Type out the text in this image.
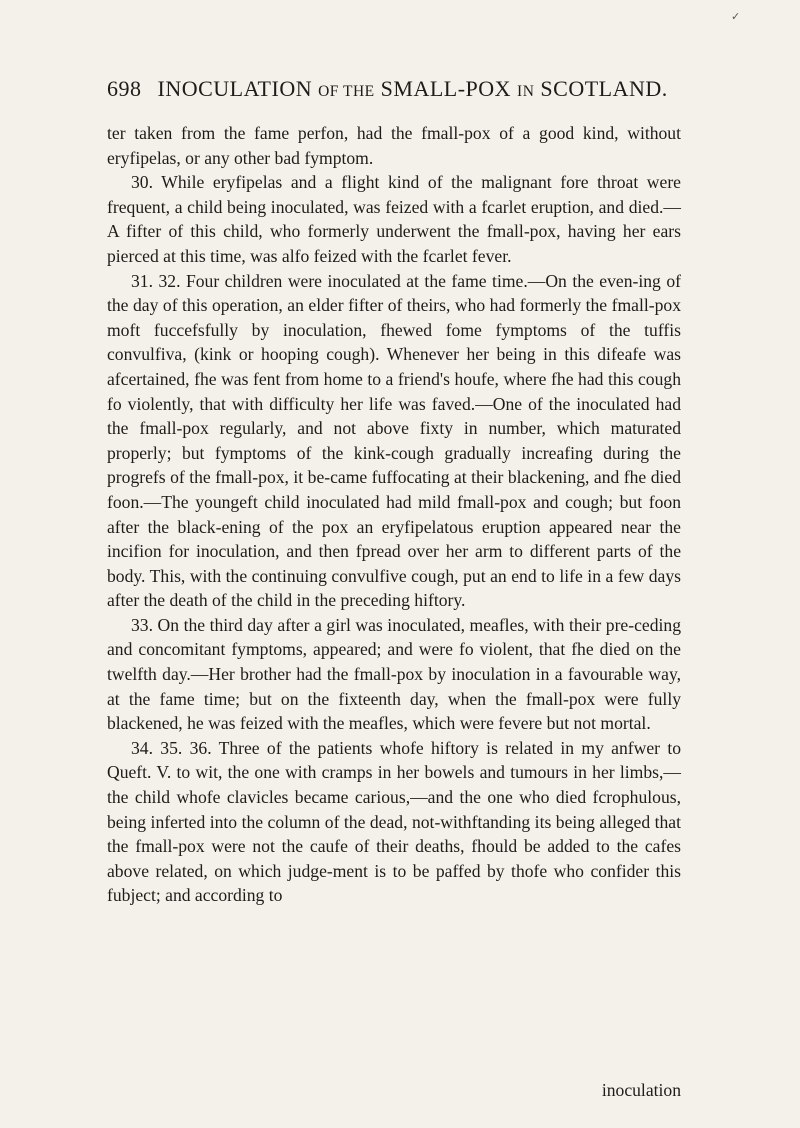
✓
698 INOCULATION OF THE SMALL-POX IN SCOTLAND.

ter taken from the fame perfon, had the fmall-pox of a good kind, without eryfipelas, or any other bad fymptom.

30. While eryfipelas and a flight kind of the malignant fore throat were frequent, a child being inoculated, was feized with a fcarlet eruption, and died.—A fifter of this child, who formerly underwent the fmall-pox, having her ears pierced at this time, was alfo feized with the fcarlet fever.

31. 32. Four children were inoculated at the fame time.—On the even-ing of the day of this operation, an elder fifter of theirs, who had formerly the fmall-pox moft fuccefsfully by inoculation, fhewed fome fymptoms of the tuffis convulfiva, (kink or hooping cough). Whenever her being in this difeafe was afcertained, fhe was fent from home to a friend's houfe, where fhe had this cough fo violently, that with difficulty her life was faved.—One of the inoculated had the fmall-pox regularly, and not above fixty in number, which maturated properly; but fymptoms of the kink-cough gradually increafing during the progrefs of the fmall-pox, it be-came fuffocating at their blackening, and fhe died foon.—The youngeft child inoculated had mild fmall-pox and cough; but foon after the black-ening of the pox an eryfipelatous eruption appeared near the incifion for inoculation, and then fpread over her arm to different parts of the body. This, with the continuing convulfive cough, put an end to life in a few days after the death of the child in the preceding hiftory.

33. On the third day after a girl was inoculated, meafles, with their pre-ceding and concomitant fymptoms, appeared; and were fo violent, that fhe died on the twelfth day.—Her brother had the fmall-pox by inoculation in a favourable way, at the fame time; but on the fixteenth day, when the fmall-pox were fully blackened, he was feized with the meafles, which were fevere but not mortal.

34. 35. 36. Three of the patients whofe hiftory is related in my anfwer to Queft. V. to wit, the one with cramps in her bowels and tumours in her limbs,—the child whofe clavicles became carious,—and the one who died fcrophulous, being inferted into the column of the dead, not-withftanding its being alleged that the fmall-pox were not the caufe of their deaths, fhould be added to the cafes above related, on which judge-ment is to be paffed by thofe who confider this fubject; and according to

inoculation
